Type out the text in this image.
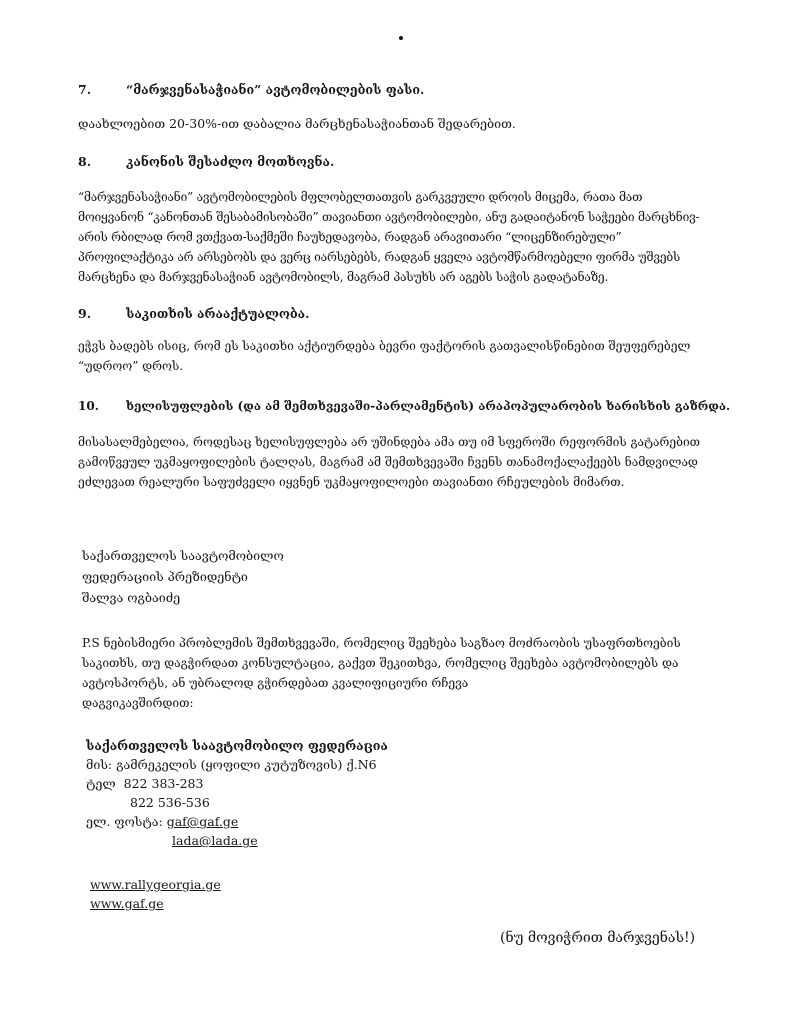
7.	“მარჯვენასაჭიანი” ავტომობილების ფასი.
დაახლოებით 20-30%-ით დაბალია მარცხენასაჭიანთან შედარებით.
8.	კანონის შესაძლო მოთხოვნა.
“მარჯვენასაჭიანი” ავტომობილების მფლობელთათვის გარკვეული დროის მიცემა, რათა მათ
მოიყვანონ “კანონთან შესაბამისობაში” თავიანთი ავტომობილები, ანუ გადაიტანონ საჭეები მარცხნივ-
არის რბილად რომ ვთქვათ-საქმეში ჩაუხედავობა, რადგან არავითარი “ლიცენზირებული”
პროფილაქტიკა არ არსებობს და ვერც იარსებებს, რადგან ყველა ავტომწარმოებელი ფირმა უშვებს
მარცხენა და მარჯვენასაჭიან ავტომობილს, მაგრამ პასუხს არ აგებს საჭის გადატანაზე.
9.	საკითხის არააქტუალობა.
ეჭვს ბადებს ისიც, რომ ეს საკითხი აქტიურდება ბევრი ფაქტორის გათვალისწინებით შეუფერებელ
“უდროო” დროს.
10. ხელისუფლების (და ამ შემთხვევაში-პარლამენტის) არაპოპულარობის ხარისხის გაზრდა.
მისასალმებელია, როდესაც ხელისუფლება არ უშინდება ამა თუ იმ სფეროში რეფორმის გატარებით
გამოწვეულ უკმაყოფილების ტალღას, მაგრამ ამ შემთხვევაში ჩვენს თანამოქალაქეებს ნამდვილად
ეძლევათ რეალური საფუძველი იყვნენ უკმაყოფილოები თავიანთი რჩეულების მიმართ.
საქართველოს საავტომობილო
ფედერაციის პრეზიდენტი
შალვა ოგბაიძე
P.S ნებისმიერი პრობლემის შემთხვევაში, რომელიც შეეხება საგზაო მოძრაობის უსაფრთხოების
საკითხს, თუ დაგჭირდათ კონსულტაცია, გაქვთ შეკითხვა, რომელიც შეეხება ავტომობილებს და
ავტოსპორტს, ან უბრალოდ გჭირდებათ კვალიფიციური რჩევა
დაგვიკავშირდით:
საქართველოს საავტომობილო ფედერაცია
მის: გამრეკელის (ყოფილი კუტუზოვის) ქ.N6
ტელ 822 383-283
822 536-536
ელ. ფოსტა: gaf@gaf.ge
lada@lada.ge
www.rallygeorgia.ge
www.gaf.ge
(ნუ მოვიჭრით მარჯვენას!)
